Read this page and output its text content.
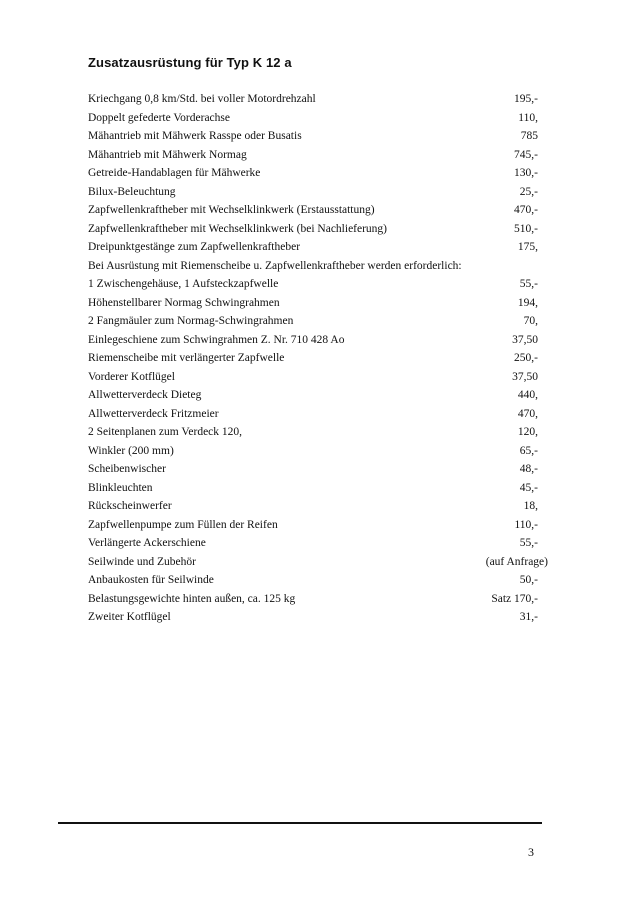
Zusatzausrüstung für Typ K 12 a
Kriechgang 0,8 km/Std. bei voller Motordrehzahl	195,-
Doppelt gefederte Vorderachse	110,
Mähantrieb mit Mähwerk Rasspe oder Busatis	785
Mähantrieb mit Mähwerk Normag	745,-
Getreide-Handablagen für Mähwerke	130,-
Bilux-Beleuchtung	25,-
Zapfwellenkraftheber mit Wechselklinkwerk (Erstausstattung)	470,-
Zapfwellenkraftheber mit Wechselklinkwerk (bei Nachlieferung)	510,-
Dreipunktgestänge zum Zapfwellenkraftheber	175,
Bei Ausrüstung mit Riemenscheibe u. Zapfwellenkraftheber werden erforderlich:
1 Zwischengehäuse, 1 Aufsteckzapfwelle	55,-
Höhenstellbarer Normag Schwingrahmen	194,
2 Fangmäuler zum Normag-Schwingrahmen	70,
Einlegeschiene zum Schwingrahmen Z. Nr. 710 428 Ao	37,50
Riemenscheibe mit verlängerter Zapfwelle	250,-
Vorderer Kotflügel	37,50
Allwetterverdeck Dieteg	440,
Allwetterverdeck Fritzmeier	470,
2 Seitenplanen zum Verdeck 120,	120,
Winkler (200 mm)	65,-
Scheibenwischer	48,-
Blinkleuchten	45,-
Rückscheinwerfer	18,
Zapfwellenpumpe zum Füllen der Reifen	110,-
Verlängerte Ackerschiene	55,-
Seilwinde und Zubehör	(auf Anfrage)
Anbaukosten für Seilwinde	50,-
Belastungsgewichte hinten außen, ca. 125 kg	Satz 170,-
Zweiter Kotflügel	31,-
3
